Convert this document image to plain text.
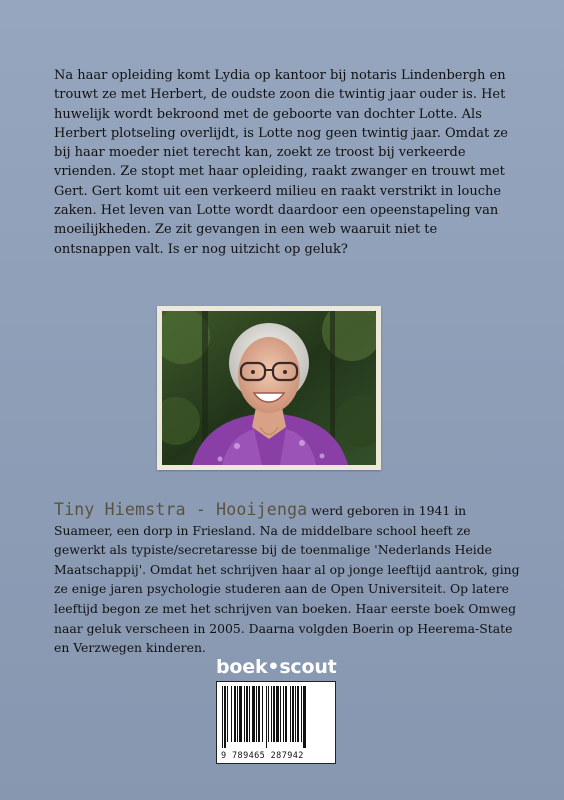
Na haar opleiding komt Lydia op kantoor bij notaris Lindenbergh en trouwt ze met Herbert, de oudste zoon die twintig jaar ouder is. Het huwelijk wordt bekroond met de geboorte van dochter Lotte. Als Herbert plotseling overlijdt, is Lotte nog geen twintig jaar. Omdat ze bij haar moeder niet terecht kan, zoekt ze troost bij verkeerde vrienden. Ze stopt met haar opleiding, raakt zwanger en trouwt met Gert. Gert komt uit een verkeerd milieu en raakt verstrikt in louche zaken. Het leven van Lotte wordt daardoor een opeenstapeling van moeilijkheden. Ze zit gevangen in een web waaruit niet te ontsnappen valt. Is er nog uitzicht op geluk?

Tiny Hiemstra - Hooijenga werd geboren in 1941 in Suameer, een dorp in Friesland. Na de middelbare school heeft ze gewerkt als typiste/secretaresse bij de toenmalige 'Nederlands Heide Maatschappij'. Omdat het schrijven haar al op jonge leeftijd aantrok, ging ze enige jaren psychologie studeren aan de Open Universiteit. Op latere leeftijd begon ze met het schrijven van boeken. Haar eerste boek Omweg naar geluk verscheen in 2005. Daarna volgden Boerin op Heerema-State en Verzwegen kinderen.

boek•scout
9 789465 287942
